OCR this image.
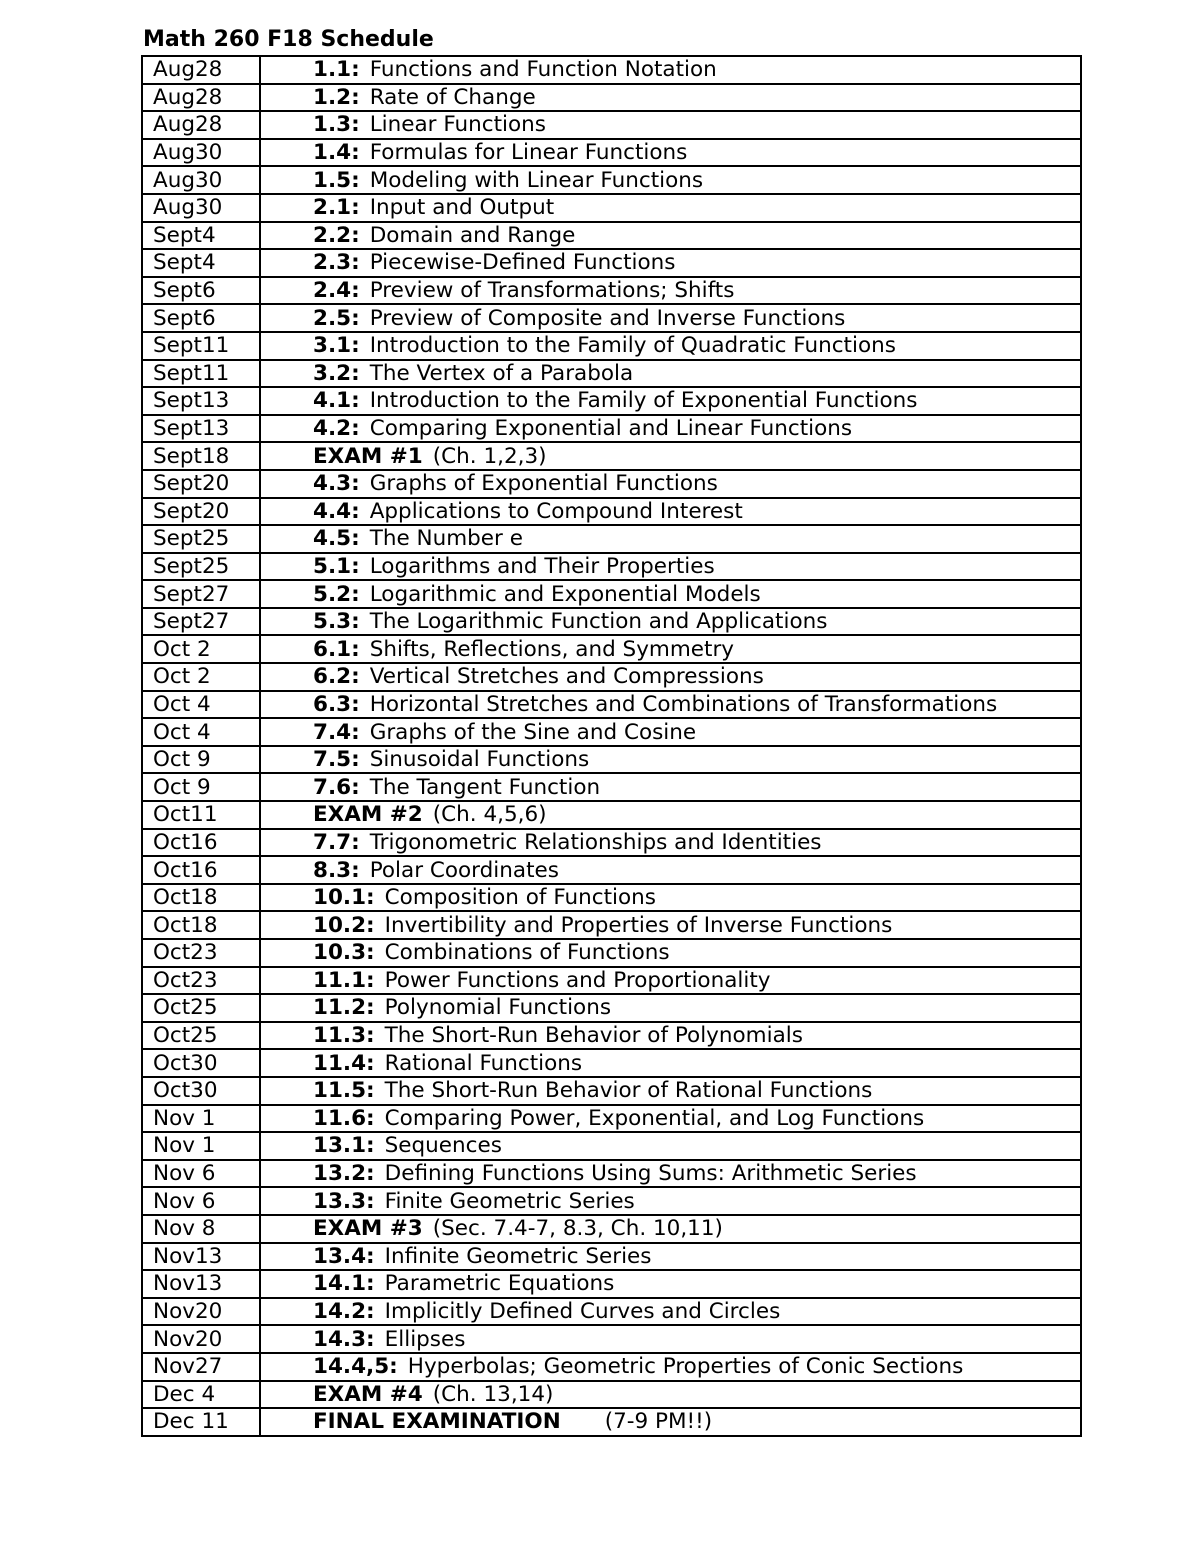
Math 260 F18 Schedule
Aug28	1.1: Functions and Function Notation
Aug28	1.2: Rate of Change
Aug28	1.3: Linear Functions
Aug30	1.4: Formulas for Linear Functions
Aug30	1.5: Modeling with Linear Functions
Aug30	2.1: Input and Output
Sept4	2.2: Domain and Range
Sept4	2.3: Piecewise-Defined Functions
Sept6	2.4: Preview of Transformations; Shifts
Sept6	2.5: Preview of Composite and Inverse Functions
Sept11	3.1: Introduction to the Family of Quadratic Functions
Sept11	3.2: The Vertex of a Parabola
Sept13	4.1: Introduction to the Family of Exponential Functions
Sept13	4.2: Comparing Exponential and Linear Functions
Sept18	EXAM #1 (Ch. 1,2,3)
Sept20	4.3: Graphs of Exponential Functions
Sept20	4.4: Applications to Compound Interest
Sept25	4.5: The Number e
Sept25	5.1: Logarithms and Their Properties
Sept27	5.2: Logarithmic and Exponential Models
Sept27	5.3: The Logarithmic Function and Applications
Oct 2	6.1: Shifts, Reflections, and Symmetry
Oct 2	6.2: Vertical Stretches and Compressions
Oct 4	6.3: Horizontal Stretches and Combinations of Transformations
Oct 4	7.4: Graphs of the Sine and Cosine
Oct 9	7.5: Sinusoidal Functions
Oct 9	7.6: The Tangent Function
Oct11	EXAM #2 (Ch. 4,5,6)
Oct16	7.7: Trigonometric Relationships and Identities
Oct16	8.3: Polar Coordinates
Oct18	10.1: Composition of Functions
Oct18	10.2: Invertibility and Properties of Inverse Functions
Oct23	10.3: Combinations of Functions
Oct23	11.1: Power Functions and Proportionality
Oct25	11.2: Polynomial Functions
Oct25	11.3: The Short-Run Behavior of Polynomials
Oct30	11.4: Rational Functions
Oct30	11.5: The Short-Run Behavior of Rational Functions
Nov 1	11.6: Comparing Power, Exponential, and Log Functions
Nov 1	13.1: Sequences
Nov 6	13.2: Defining Functions Using Sums: Arithmetic Series
Nov 6	13.3: Finite Geometric Series
Nov 8	EXAM #3 (Sec. 7.4-7, 8.3, Ch. 10,11)
Nov13	13.4: Infinite Geometric Series
Nov13	14.1: Parametric Equations
Nov20	14.2: Implicitly Defined Curves and Circles
Nov20	14.3: Ellipses
Nov27	14.4,5: Hyperbolas; Geometric Properties of Conic Sections
Dec 4	EXAM #4 (Ch. 13,14)
Dec 11	FINAL EXAMINATION (7-9 PM!!)
